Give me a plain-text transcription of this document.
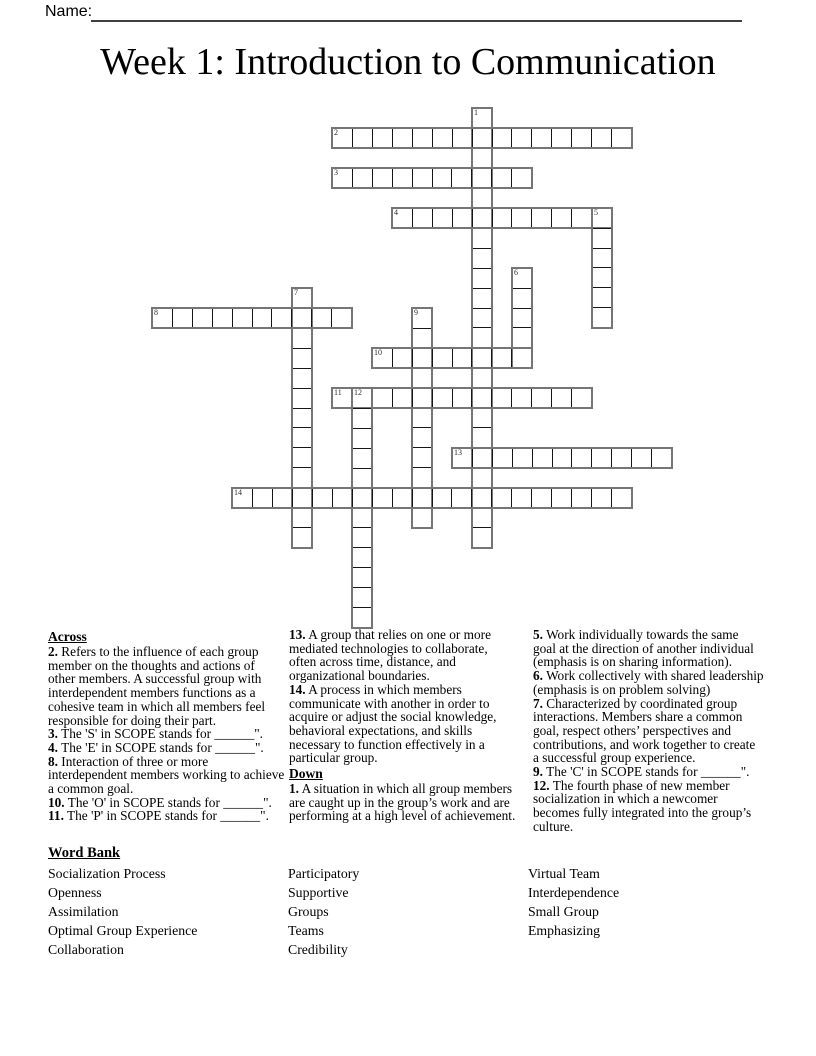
Name:
Week 1: Introduction to Communication
1
2
3
4	5
6
7
8	9
10
11 12
13
14
Across

2. Refers to the influence of each group member on the thoughts and actions of other members. A successful group with interdependent members functions as a cohesive team in which all members feel responsible for doing their part.

3. The 'S' in SCOPE stands for ______".

4. The 'E' in SCOPE stands for ______".

8. Interaction of three or more interdependent members working to achieve a common goal.

10. The 'O' in SCOPE stands for ______".

11. The 'P' in SCOPE stands for ______".

13. A group that relies on one or more mediated technologies to collaborate, often across time, distance, and organizational boundaries.

14. A process in which members communicate with another in order to acquire or adjust the social knowledge, behavioral expectations, and skills necessary to function effectively in a particular group.

Down

1. A situation in which all group members are caught up in the group’s work and are performing at a high level of achievement.

5. Work individually towards the same goal at the direction of another individual (emphasis is on sharing information).

6. Work collectively with shared leadership (emphasis is on problem solving)

7. Characterized by coordinated group interactions. Members share a common goal, respect others’ perspectives and contributions, and work together to create a successful group experience.

9. The 'C' in SCOPE stands for ______".

12. The fourth phase of new member socialization in which a newcomer becomes fully integrated into the group’s culture.

Word Bank
Socialization Process
Openness
Assimilation
Optimal Group Experience
Collaboration
Participatory
Supportive
Groups
Teams
Credibility
Virtual Team
Interdependence
Small Group
Emphasizing
